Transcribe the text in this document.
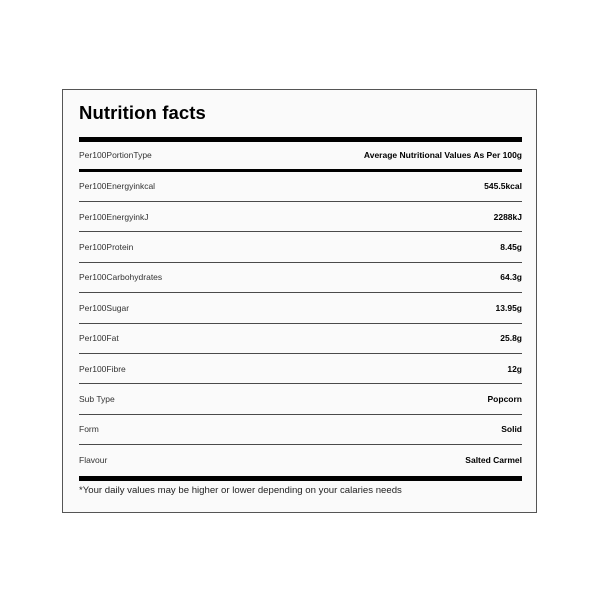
Nutrition facts
Per100PortionType	Average Nutritional Values As Per 100g
Per100Energyinkcal	545.5kcal
Per100EnergyinkJ	2288kJ
Per100Protein	8.45g
Per100Carbohydrates	64.3g
Per100Sugar	13.95g
Per100Fat	25.8g
Per100Fibre	12g
Sub Type	Popcorn
Form	Solid
Flavour	Salted Carmel
*Your daily values may be higher or lower depending on your calaries needs
